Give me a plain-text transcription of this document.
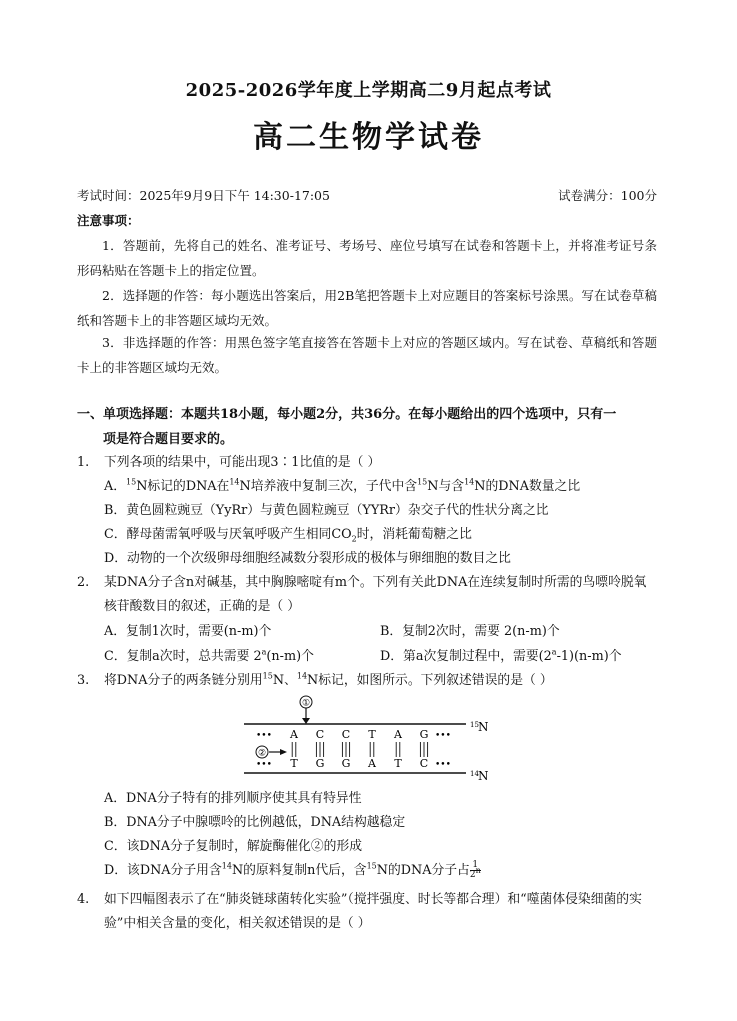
2025-2026学年度上学期高二9月起点考试
高二生物学试卷
考试时间：2025年9月9日下午 14:30-17:05	试卷满分：100分
注意事项：
1．答题前，先将自己的姓名、准考证号、考场号、座位号填写在试卷和答题卡上，并将准考证号条形码粘贴在答题卡上的指定位置。
2．选择题的作答：每小题选出答案后，用2B笔把答题卡上对应题目的答案标号涂黑。写在试卷草稿纸和答题卡上的非答题区域均无效。
3．非选择题的作答：用黑色签字笔直接答在答题卡上对应的答题区域内。写在试卷、草稿纸和答题卡上的非答题区域均无效。
一、单项选择题：本题共18小题，每小题2分，共36分。在每小题给出的四个选项中，只有一
项是符合题目要求的。
1. 下列各项的结果中，可能出现3∶1比值的是（ ）
A．$^{15}$N标记的DNA在$^{14}$N培养液中复制三次，子代中含$^{15}$N与含$^{14}$N的DNA数量之比
B．黄色圆粒豌豆（YyRr）与黄色圆粒豌豆（YYRr）杂交子代的性状分离之比
C．酵母菌需氧呼吸与厌氧呼吸产生相同$CO_2$时，消耗葡萄糖之比
D．动物的一个次级卵母细胞经减数分裂形成的极体与卵细胞的数目之比
2. 某DNA分子含n对碱基，其中胸腺嘧啶有m个。下列有关此DNA在连续复制时所需的鸟嘌呤脱氧核苷酸数目的叙述，正确的是（ ）
A．复制1次时，需要(n-m)个	B．复制2次时，需要 2(n-m)个
C．复制a次时，总共需要 2$^a$(n-m)个	D．第a次复制过程中，需要(2$^a$-1)(n-m)个
3. 将DNA分子的两条链分别用$^{15}$N、$^{14}$N标记，如图所示。下列叙述错误的是（ ）
①
②
•••
•••
•••
•••
A
T
C
G
C
G
T
A
A
T
G
C
15 N
14 N
A．DNA分子特有的排列顺序使其具有特异性
B．DNA分子中腺嘌呤的比例越低，DNA结构越稳定
C．该DNA分子复制时，解旋酶催化②的形成
D．该DNA分子用含$^{14}$N的原料复制n代后，含$^{15}$N的DNA分子占 $\frac{1}{2^n}$
4. 如下四幅图表示了在“肺炎链球菌转化实验”（搅拌强度、时长等都合理）和“噬菌体侵染细菌的实验”中相关含量的变化，相关叙述错误的是（ ）
